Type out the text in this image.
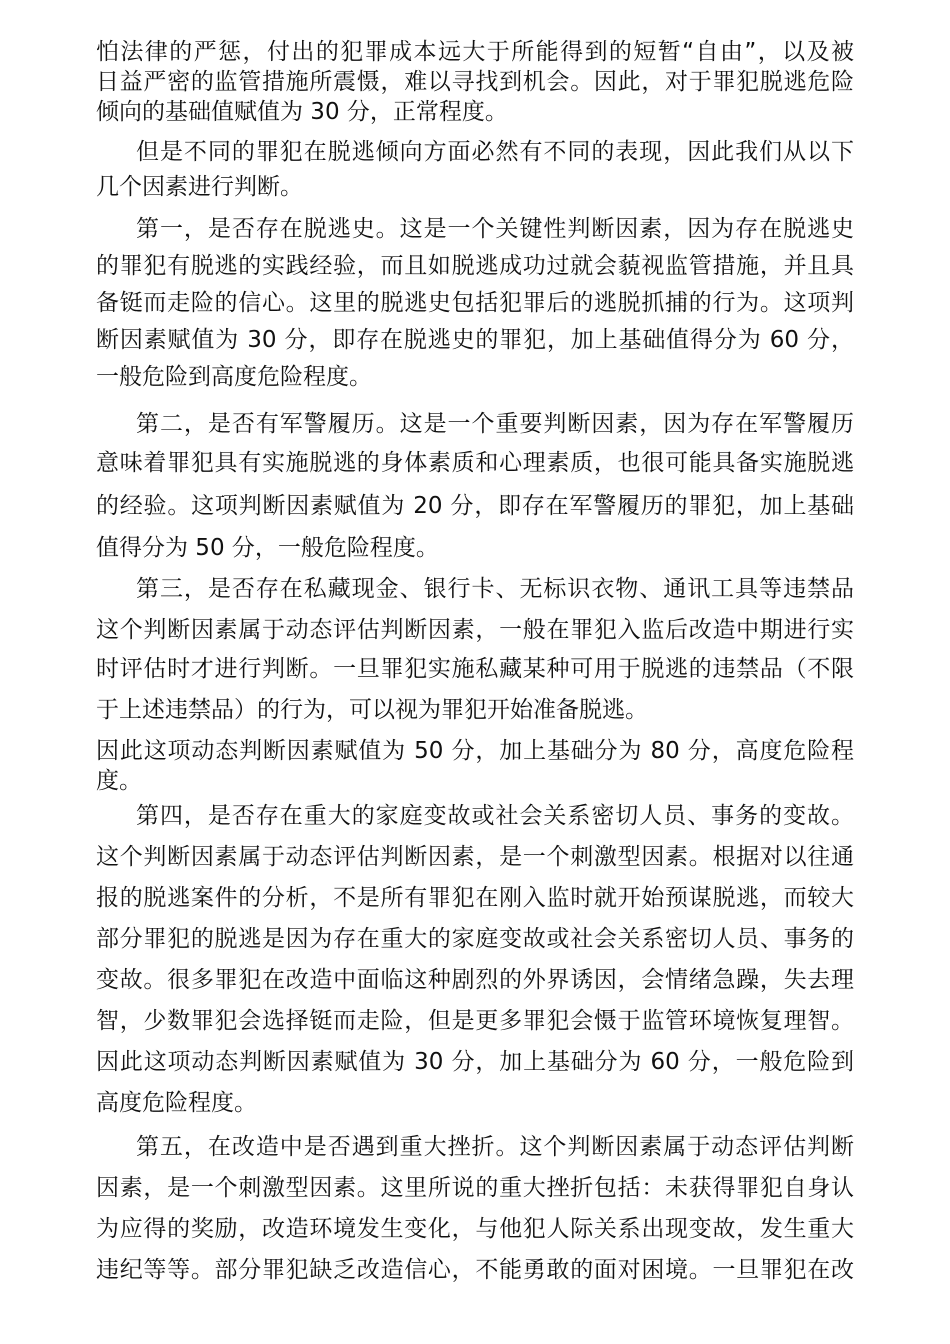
怕法律的严惩，付出的犯罪成本远大于所能得到的短暂“自由”，以及被
日益严密的监管措施所震慑，难以寻找到机会。因此，对于罪犯脱逃危险
倾向的基础值赋值为 30 分，正常程度。
但是不同的罪犯在脱逃倾向方面必然有不同的表现，因此我们从以下
几个因素进行判断。
第一，是否存在脱逃史。这是一个关键性判断因素，因为存在脱逃史
的罪犯有脱逃的实践经验，而且如脱逃成功过就会藐视监管措施，并且具
备铤而走险的信心。这里的脱逃史包括犯罪后的逃脱抓捕的行为。这项判
断因素赋值为 30 分，即存在脱逃史的罪犯，加上基础值得分为 60 分，
一般危险到高度危险程度。
第二，是否有军警履历。这是一个重要判断因素，因为存在军警履历
意味着罪犯具有实施脱逃的身体素质和心理素质，也很可能具备实施脱逃
的经验。这项判断因素赋值为 20 分，即存在军警履历的罪犯，加上基础
值得分为 50 分，一般危险程度。
第三，是否存在私藏现金、银行卡、无标识衣物、通讯工具等违禁品
这个判断因素属于动态评估判断因素，一般在罪犯入监后改造中期进行实
时评估时才进行判断。一旦罪犯实施私藏某种可用于脱逃的违禁品（不限
于上述违禁品）的行为，可以视为罪犯开始准备脱逃。
因此这项动态判断因素赋值为 50 分，加上基础分为 80 分，高度危险程
度。
第四，是否存在重大的家庭变故或社会关系密切人员、事务的变故。
这个判断因素属于动态评估判断因素，是一个刺激型因素。根据对以往通
报的脱逃案件的分析，不是所有罪犯在刚入监时就开始预谋脱逃，而较大
部分罪犯的脱逃是因为存在重大的家庭变故或社会关系密切人员、事务的
变故。很多罪犯在改造中面临这种剧烈的外界诱因，会情绪急躁，失去理
智，少数罪犯会选择铤而走险，但是更多罪犯会慑于监管环境恢复理智。
因此这项动态判断因素赋值为 30 分，加上基础分为 60 分，一般危险到
高度危险程度。
第五，在改造中是否遇到重大挫折。这个判断因素属于动态评估判断
因素，是一个刺激型因素。这里所说的重大挫折包括：未获得罪犯自身认
为应得的奖励，改造环境发生变化，与他犯人际关系出现变故，发生重大
违纪等等。部分罪犯缺乏改造信心，不能勇敢的面对困境。一旦罪犯在改
